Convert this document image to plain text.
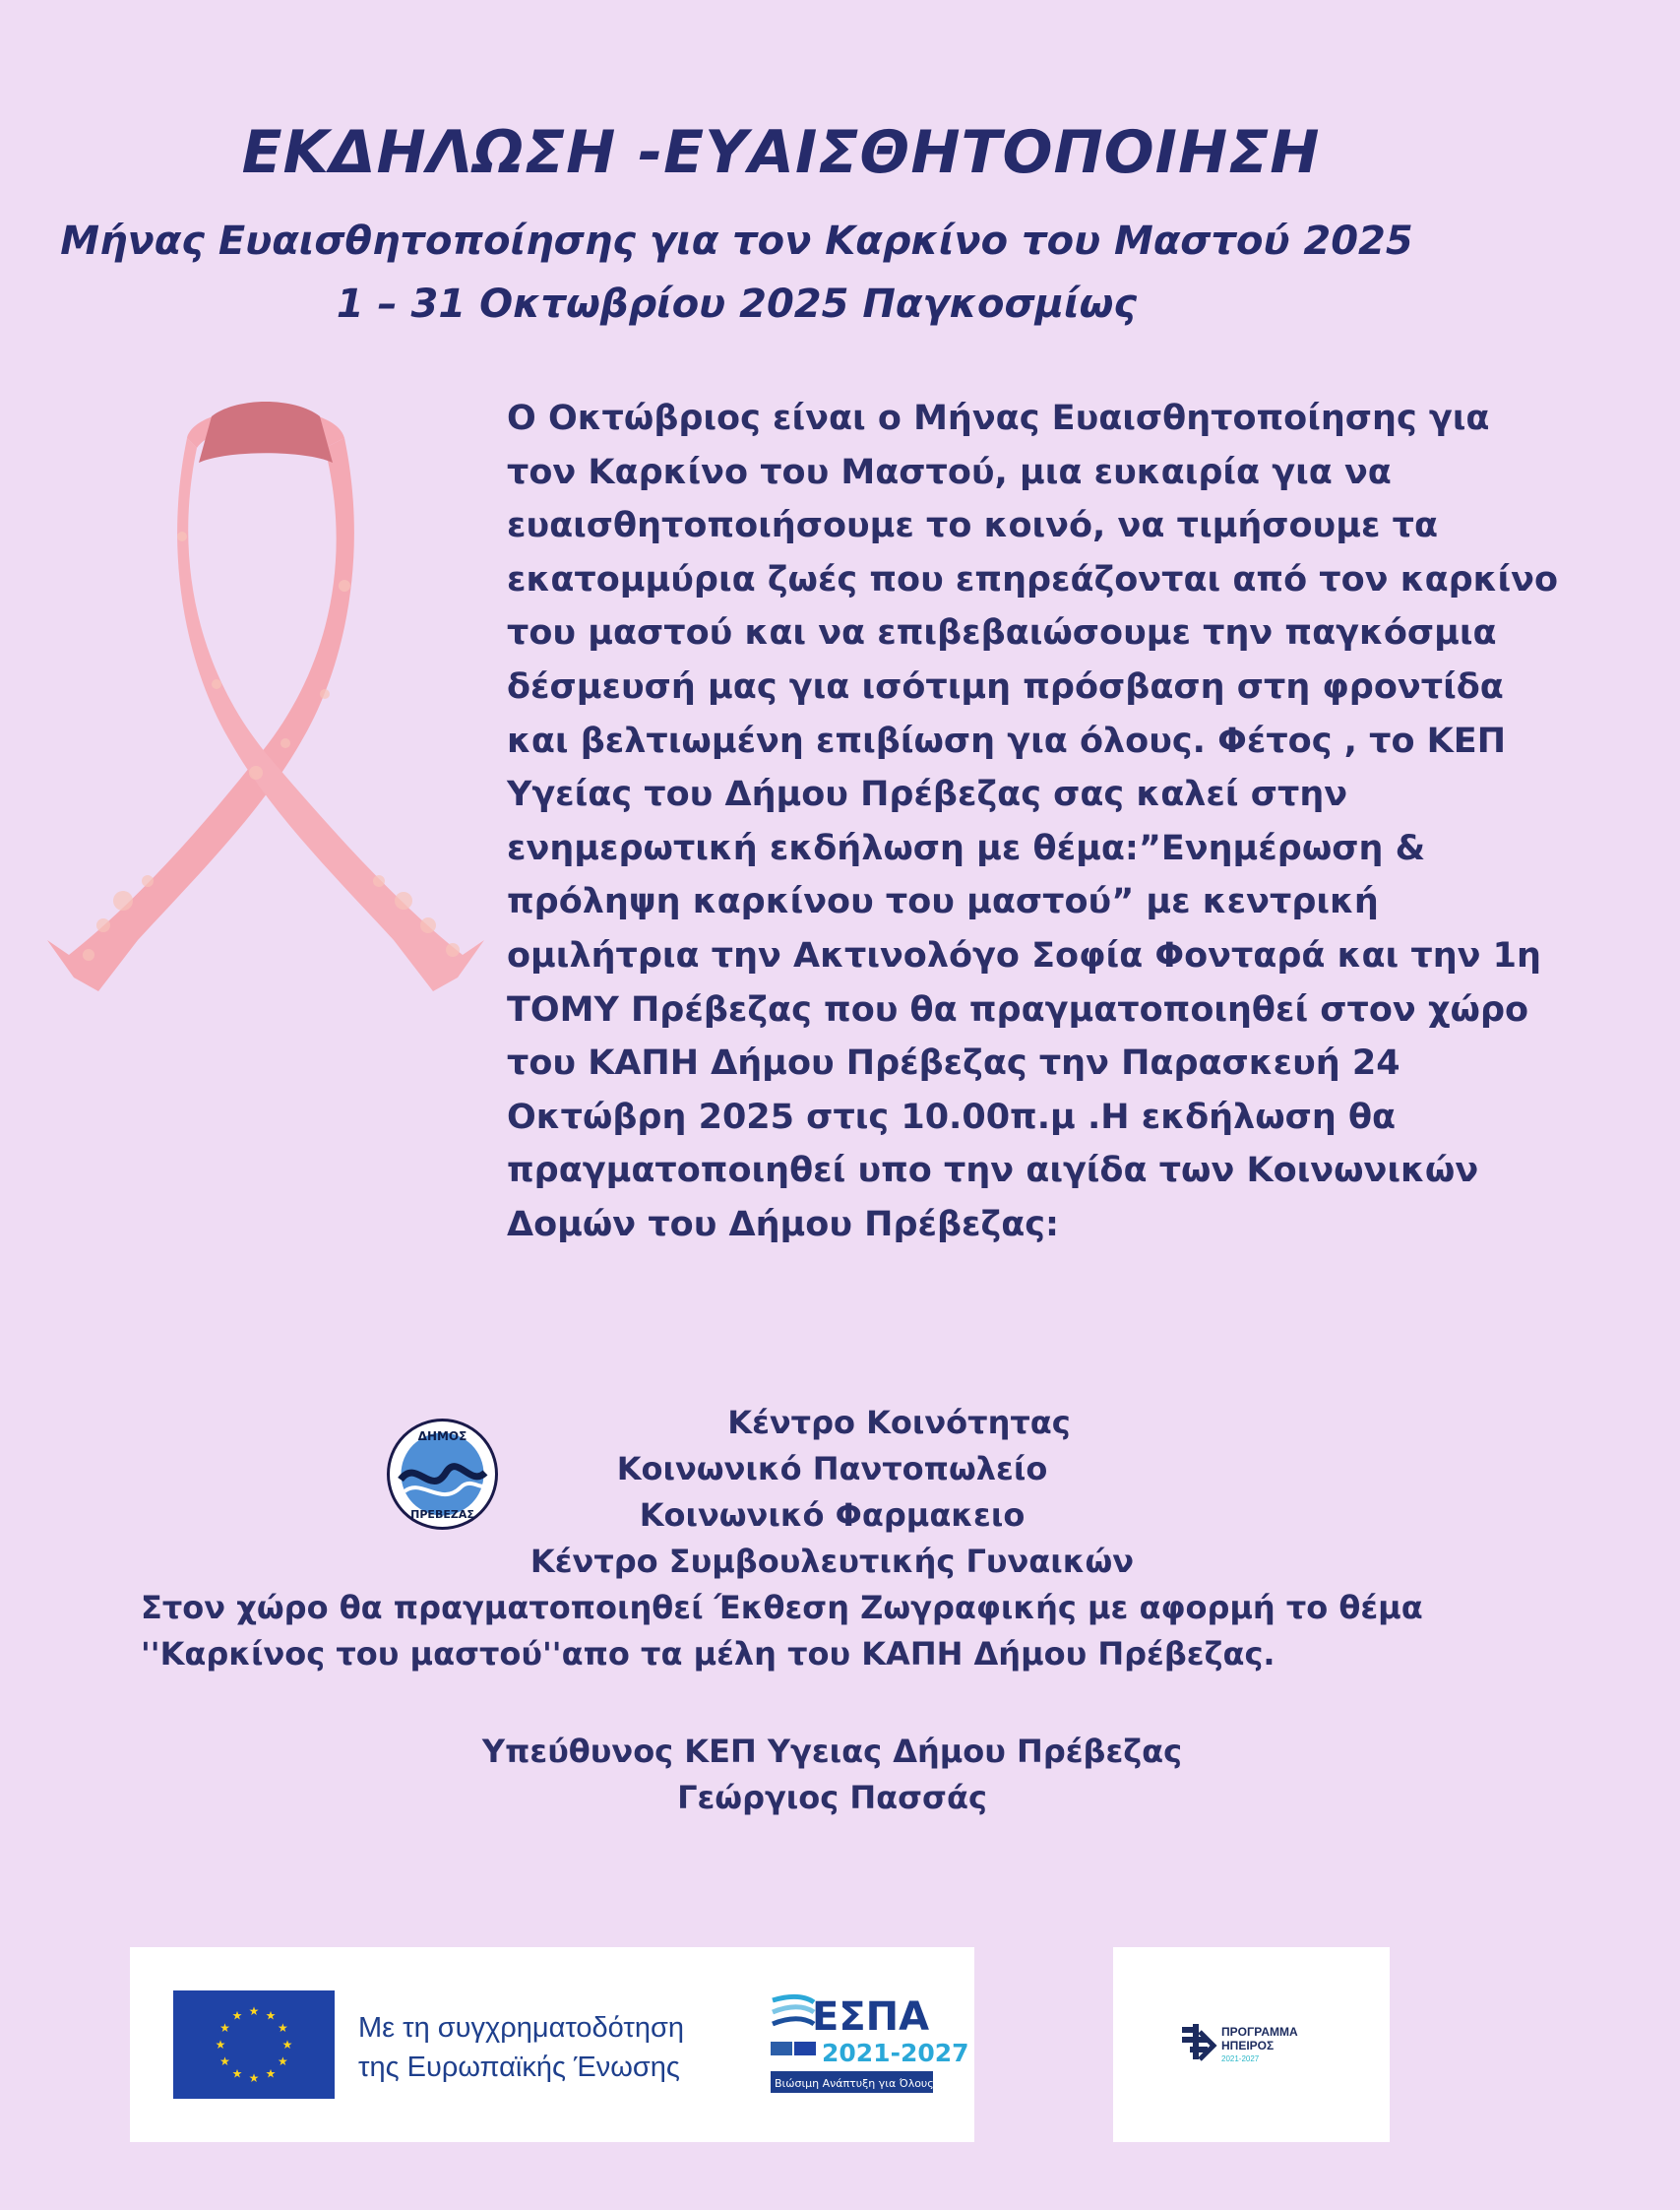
ΕΚΔΗΛΩΣΗ -ΕΥΑΙΣΘΗΤΟΠΟΙΗΣΗ
Μήνας Ευαισθητοποίησης για τον Καρκίνο του Μαστού 2025
1 – 31 Οκτωβρίου 2025 Παγκοσμίως
Ο Οκτώβριος είναι ο Μήνας Ευαισθητοποίησης για
τον Καρκίνο του Μαστού, μια ευκαιρία για να
ευαισθητοποιήσουμε το κοινό, να τιμήσουμε τα
εκατομμύρια ζωές που επηρεάζονται από τον καρκίνο
του μαστού και να επιβεβαιώσουμε την παγκόσμια
δέσμευσή μας για ισότιμη πρόσβαση στη φροντίδα
και βελτιωμένη επιβίωση για όλους. Φέτος , το ΚΕΠ
Υγείας του Δήμου Πρέβεζας σας καλεί στην
ενημερωτική εκδήλωση με θέμα:”Ενημέρωση &
πρόληψη καρκίνου του μαστού” με κεντρική
ομιλήτρια την Ακτινολόγο Σοφία Φονταρά και την 1η
ΤΟΜΥ Πρέβεζας που θα πραγματοποιηθεί στον χώρο
του ΚΑΠΗ Δήμου Πρέβεζας την Παρασκευή 24
Οκτώβρη 2025 στις 10.00π.μ .Η εκδήλωση θα
πραγματοποιηθεί υπο την αιγίδα των Κοινωνικών
Δομών του Δήμου Πρέβεζας:
ΔΗΜΟΣ
ΠΡΕΒΕΖΑΣ
Κέντρο Κοινότητας
Κοινωνικό Παντοπωλείο
Κοινωνικό Φαρμακειο
Κέντρο Συμβουλευτικής Γυναικών
Στον χώρο θα πραγματοποιηθεί Έκθεση Ζωγραφικής με αφορμή το θέμα
''Καρκίνος του μαστού''απο τα μέλη του ΚΑΠΗ Δήμου Πρέβεζας.
Υπεύθυνος ΚΕΠ Υγειας Δήμου Πρέβεζας
Γεώργιος Πασσάς
★
★
★
★
★
★
★
★
★ ★ ★
★ Με τη συγχρηματοδότηση
της Ευρωπαϊκής Ένωσης
ΕΣΠΑ
2021-2027
Βιώσιμη Ανάπτυξη για Όλους
ΠΡΟΓΡΑΜΜΑ
ΗΠΕΙΡΟΣ
2021-2027
